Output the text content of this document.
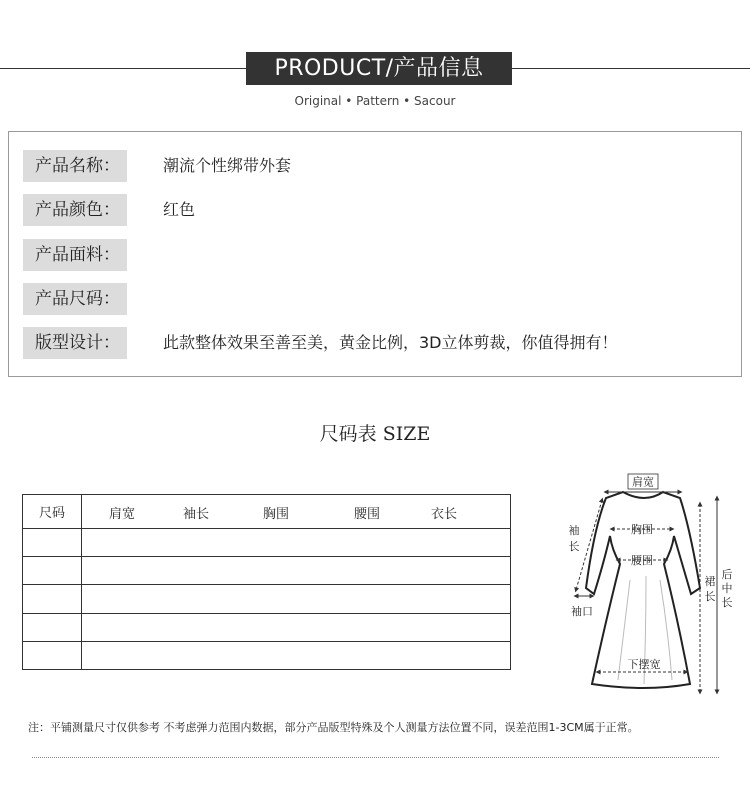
PRODUCT/产品信息
Original • Pattern • Sacour
产品名称：	潮流个性绑带外套
产品颜色：	红色
产品面料：
产品尺码：
版型设计：	此款整体效果至善至美，黄金比例，3D立体剪裁，你值得拥有！
尺码表 SIZE
尺码	肩宽 袖长 胸围 腰围 衣长

肩宽
胸围
腰围
袖
长
袖口
下摆宽
裙
长
后
中
长
注：平铺测量尺寸仅供参考 不考虑弹力范围内数据，部分产品版型特殊及个人测量方法位置不同，误差范围1-3CM属于正常。
